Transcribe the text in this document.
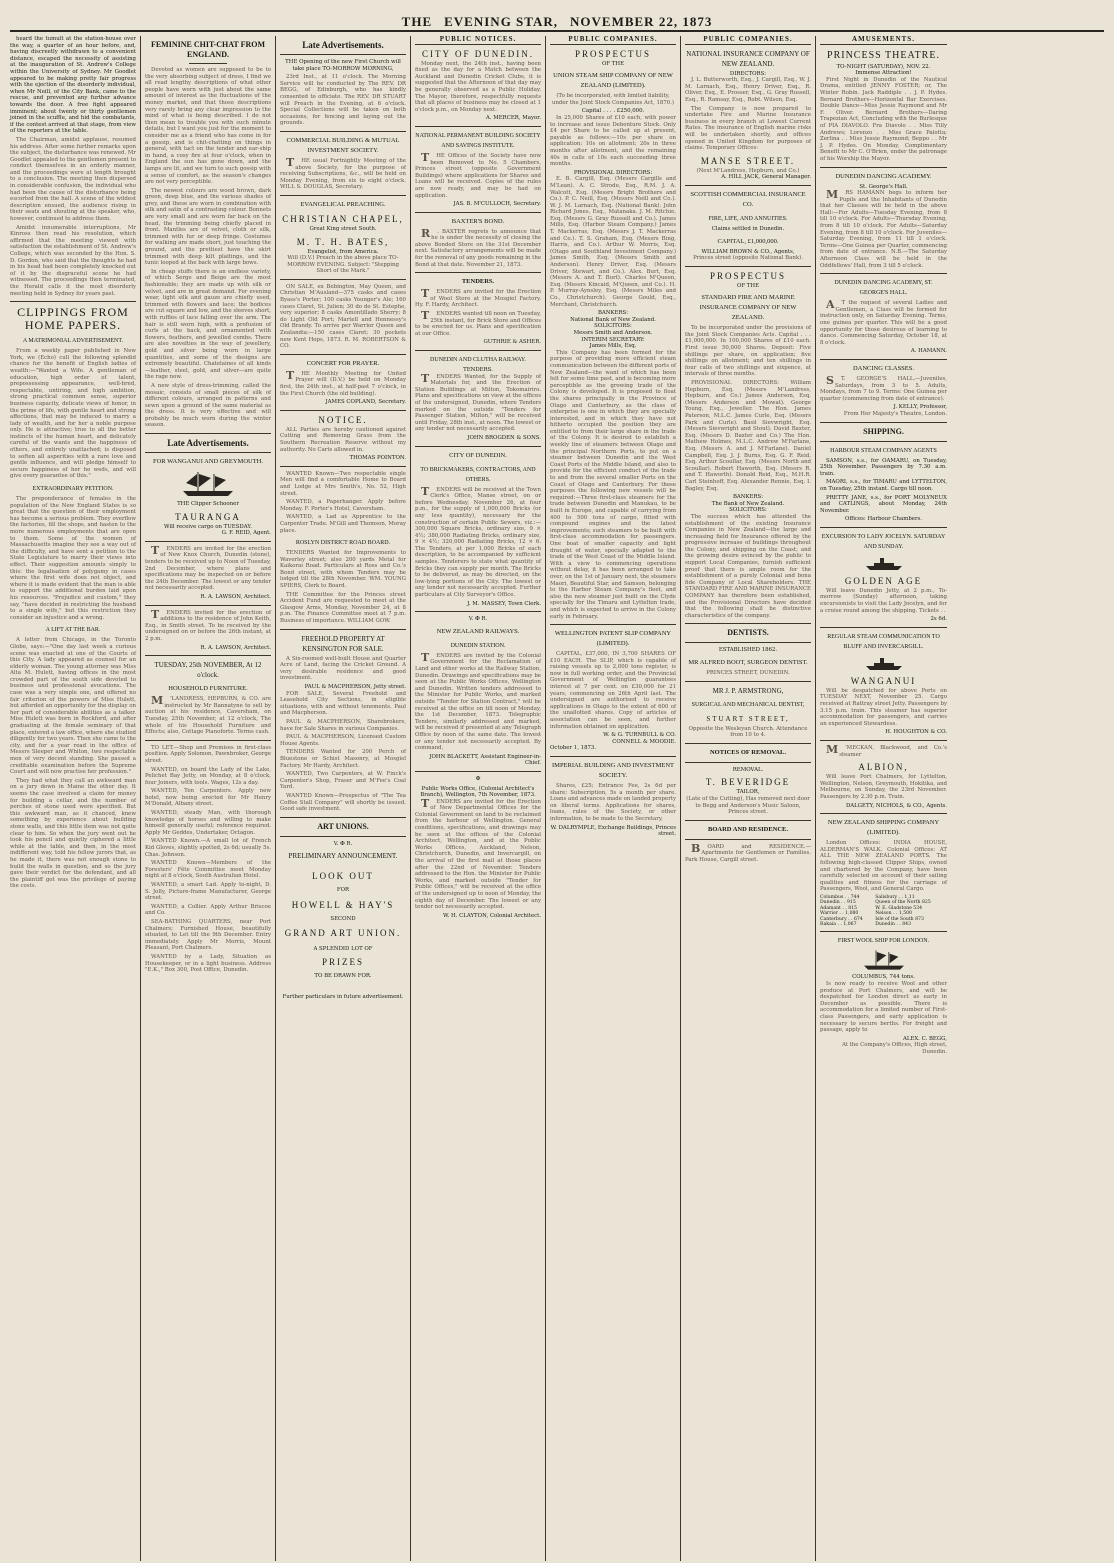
THE EVENING STAR, NOVEMBER 22, 1873

heard the tumult at the station-house over the way, a quarter of an hour before, and, having discreetly withdrawn to a convenient distance, escaped the necessity of assisting at the inauguration of St. Andrew's College within the University of Sydney. Mr Goodlet appeared to be making pretty fair progress with the ejection of the disorderly individual, when Mr Neill, of the City Bank, came to the rescue, and prevented any further advance towards the door. A free fight appeared imminent; about twenty or thirty gentlemen joined in the scuffle, and hid the combatants, if the contest arrived at that stage, from view of the reporters at the table.

The Chairman, amidst applause, resumed his address. After some further remarks upon the subject, the disturbance was renewed. Mr Goodlet appealed to the gentlemen present to conduct themselves in an orderly manner, and the proceedings were at length brought to a conclusion. The meeting then dispersed in considerable confusion, the individual who had been the cause of the disturbance being escorted from the hall. A scene of the wildest description ensued, the audience rising in their seats and shouting at the speaker, who, however, continued to address them.

Amidst innumerable interruptions, Mr Kinross then read his resolution, which affirmed that the meeting viewed with satisfaction the establishment of St. Andrew's College, which was seconded by the Hon. S. D. Gordon, who said that the thoughts he had in his head had been completely knocked out of it by the disgraceful scene he had witnessed. The proceedings then terminated, the Herald calls it the most disorderly meeting held in Sydney for years past.

CLIPPINGS FROM HOME PAPERS.
A MATRIMONIAL ADVERTISEMENT.

From a weekly paper published in New York, we (Echo) cull the following splendid chance for the benefit of English ladies of wealth:—"Wanted a Wife. A gentleman of education, high order of talent, prepossessing appearance, well-bred, respectable, untiring, and high ambition, strong practical common sense, superior business capacity, delicate views of honor, in the prime of life, with gentle heart and strong affections, that may be induced to marry a lady of wealth, and for her a noble purpose only. He is attractive; true to all the better instincts of the human heart, and delicately careful of the wants and the happiness of others, and entirely unattached; is disposed to soften all asperities with a rare love and gentle influence, and will pledge himself to secure happiness of her he weds, and will give every guarantee of this."

EXTRAORDINARY PETITION.

The preponderance of females in the population of the New England States is so great that the question of their employment has become a serious problem. They overflow the factories, fill the shops, and hasten to the more numerous employments that are open to them. Some of the women of Massachusetts imagine they see a way out of the difficulty, and have sent a petition to the State Legislature to marry their views into effect. Their suggestion amounts simply to this: the legalisation of polygamy in cases where the first wife does not object, and where it is made evident that the man is able to support the additional burden laid upon his resources. "Prejudice and custom," they say, "have decided in restricting the husband to a single wife," but this restriction they consider an injustice and a wrong.

A LIFT AT THE BAR.

A letter from Chicago, in the Toronto Globe, says:—"One day last week a curious scene was enacted at one of the Courts of this City. A lady appeared as counsel for an elderly woman. The young attorney was Miss Alta M. Hulett, having offices in the most crowded part of the south side devoted to business and professional avocations. The case was a very simple one, and offered no fair criterion of the powers of Miss Hulett, but afforded an opportunity for the display on her part of considerable abilities as a talker. Miss Hulett was born in Rockford, and after graduating at the female seminary of that place, entered a law office, where she studied diligently for two years. Then she came to the city, and for a year read in the office of Messrs Sleeper and Whiton, two respectable men of very decent standing. She passed a creditable examination before the Supreme Court and will now practise her profession."

They had what they call an awkward man on a jury down in Maine the other day. It seems the case involved a claim for money for building a cellar, and the number of perches of stone used were specified. But this awkward man, as it chanced, knew something by experience about building stone walls, and this little item was not quite clear to him. So when the jury went out he took his pencil and quietly ciphered a little while at the table, and then, in the most indifferent way, told his fellow jurors that, as he made it, there was not enough stone to build the walls in question, and so the jury gave their verdict for the defendant, and all the plaintiff got was the privilege of paying the costs.

FEMININE CHIT-CHAT FROM ENGLAND.

Devoted as women are supposed to be to the very absorbing subject of dress, I find we all read lengthy descriptions of what other people have worn with just about the same amount of interest as the fluctuations of the money market, and that those descriptions very rarely bring any clear impression to the mind of what is being described. I do not then mean to trouble you with such minute details, but I want you just for the moment to consider me as a friend who has come in for a gossip, and is chit-chatting on things in general, with tact on the tender and ear-ship in hand, a cosy fire at four o'clock, when in England the sun has gone down, and the lamps are lit, and we turn to such gossip with a sense of comfort, as the season's changes are not very perceptible.

The newest colours are wood brown, dark green, deep blue, and the various shades of grey, and these are worn in combination with silk and satin of a contrasting colour. Bonnets are very small and are worn far back on the head, the trimming being chiefly placed in front. Mantles are of velvet, cloth or silk, trimmed with fur or deep fringe. Costumes for walking are made short, just touching the ground, and the prettiest have the skirt trimmed with deep kilt plaitings, and the tunic looped at the back with large bows.

In cheap stuffs there is an endless variety, of which Serge and Beige are the most fashionable; they are made up with silk or velvet, and are in great demand. For evening wear, light silk and gauze are chiefly used, trimmed with flowers and lace; the bodices are cut square and low, and the sleeves short, with ruffles of lace falling over the arm. The hair is still worn high, with a profusion of curls at the back, and ornamented with flowers, feathers, and jewelled combs. There are also novelties in the way of jewellery, gold and silver being worn in large quantities, and some of the designs are extremely beautiful. Chatelaines of all kinds—leather, steel, gold, and silver—are quite the rage now.

A new style of dress-trimming, called the mosaic, consists of small pieces of silk of different colours, arranged in patterns and sewn upon a ground of the same material as the dress. It is very effective and will probably be much worn during the winter season.

Late Advertisements.
FOR WANGANUI AND GREYMOUTH.
THE Clipper Schooner
TAURANGA
Will receive cargo on TUESDAY.
G. F. REID, Agent.

T ENDERS are invited for the erection of New Knox Church, Dunedin (stone), tenders to be received up to Noon of Tuesday, 2nd December, where plans and specifications may be inspected on or before the 24th December. The lowest or any tender not necessarily accepted.

R. A. LAWSON, Architect.

T ENDERS invited for the erection of additions to the residence of John Keith, Esq., in Smith street. To be received by the undersigned on or before the 26th instant, at 2 p.m.

R. A. LAWSON, Architect.
TUESDAY, 25th NOVEMBER, At 12 o'clock.
HOUSEHOLD FURNITURE.

M 'LANDRESS, HEPBURN, & CO. are instructed by Mr Bannatyne to sell by auction at his residence, Caversham, on Tuesday, 25th November, at 12 o'clock, The whole of his Household Furniture and Effects; also, Cottage Pianoforte. Terms cash.

TO LET.—Shop and Premises in first-class position. Apply Solomon, Pawnbroker, George street.

WANTED, on board the Lady of the Lake, Pelichet Bay Jetty, on Monday, at 8 o'clock, four Joiners, with tools. Wages, 12s a day.

WANTED, Ten Carpenters. Apply new hotel, now being erected for Mr Henry M'Donald, Albany street.

WANTED, steady Man, with thorough knowledge of horses and willing to make himself generally useful; reference required. Apply Mr Geddes, Undertaker, Octagon.

WANTED Known.—A small lot of French Kid Gloves, slightly spotted, 2s 6d; usually 5s. Chas. Johnson.

WANTED Known—Members of the Foresters' Fête Committee meet Monday night at 8 o'clock, South Australian Hotel.

WANTED, a smart Lad. Apply to-night, D. S. Jolly, Picture-frame Manufacturer, George street.

WANTED, a Collier. Apply Arthur Briscoe and Co.

SEA-BATHING QUARTERS, near Port Chalmers; Furnished House, beautifully situated, to Let till the 9th December. Entry immediately. Apply Mr Morris, Mount Pleasant, Port Chalmers.

WANTED by a Lady, Situation as Housekeeper, or in a light business. Address "E.K.," Box 300, Post Office, Dunedin.

Late Advertisements.

THE Opening of the new First Church will take place TO-MORROW MORNING,

23rd Inst., at 11 o'clock. The Morning Service will be conducted by The REV. DR BEGG, of Edinburgh, who has kindly consented to officiate. The REV. DR STUART will Preach in the Evening, at 6 o'clock. Special Collections will be taken on both occasions, for fencing and laying out the grounds.

COMMERCIAL BUILDING & MUTUAL INVESTMENT SOCIETY.

T HE usual Fortnightly Meeting of the above Society, for the purpose of receiving Subscriptions, &c., will be held on Monday Evening, from six to eight o'clock. WILL S. DOUGLAS, Secretary.

EVANGELICAL PREACHING.
CHRISTIAN CHAPEL,
Great King street South.
M. T. H. BATES,
Evangelist, from America.

Will (D.V.) Preach in the above place TO-MORROW EVENING. Subject: "Stepping Short of the Mark."

ON SALE, ex Bebington, May Queen, and Christian M'Ausland—375 casks and cases Byass's Porter; 100 casks Younger's Ale; 160 cases Claret, St. Julien; 30 do do St. Estephe, very superior; 8 casks Amontillado Sherry; 8 do Light Old Port; Martell and Hennessy's Old Brandy. To arrive per Warrior Queen and Zealandia:—150 cases Claret; 30 pockets new Kent Hops, 1873. R. M. ROBERTSON & CO.

CONCERT FOR PRAYER.

T HE Monthly Meeting for United Prayer will (D.V.) be held on Monday first, the 24th inst., at half-past 7 o'clock, in the First Church (the old building).

JAMES COPLAND, Secretary.
NOTICE.

ALL Parties are hereby cautioned against Cutting and Removing Grass from the Southern Recreation Reserve without my authority. No Carts allowed in.

THOMAS POINTON.

WANTED Known—Two respectable single Men will find a comfortable Home to Board and Lodge at Mrs Smith's, No. 52, High street.

WANTED, a Paperhanger. Apply before Monday. F. Porter's Hotel, Caversham.

WANTED, a Lad as Apprentice to the Carpenter Trade. M'Gill and Thomson, Moray place.

ROSLYN DISTRICT ROAD BOARD.

TENDERS Wanted for Improvements to Waverley street; also 200 yards Metal for Kaikorai Road. Particulars at Ross and Co.'s Bond street, with whom Tenders may be lodged till the 28th November. WM. YOUNG SPIERS, Clerk to Board.

THE Committee for the Princes street Accident Fund are requested to meet at the Glasgow Arms, Monday, November 24, at 8 p.m. The Finance Committee meet at 7 p.m. Business of importance. WILLIAM GOW.

FREEHOLD PROPERTY AT KENSINGTON FOR SALE.

A Six-roomed well-built House and Quarter Acre of Land, facing the Cricket Ground. A very desirable residence and good investment.

PAUL & MACPHERSON, Jetty street.

FOR SALE, Several Freehold and Leasehold City Sections, in eligible situations, with and without tenements. Paul and Macpherson.

PAUL & MACPHERSON, Sharebrokers, have for Sale Shares in various Companies.

PAUL & MACPHERSON, Licensed Custom House Agents.

TENDERS Wanted for 200 Perch of Bluestone or Schist Masonry, at Mosgiel Factory. Mr Hardy, Architect.

WANTED, Two Carpenters, at W. Finck's Carpenter's Shop, Fraser and M'Fee's Coal Yard.

WANTED Known—Prospectus of "The Tea Coffee Stall Company" will shortly be issued. Good safe investment.

ART UNIONS.
V. ✠ R.
PRELIMINARY ANNOUNCEMENT.
LOOK OUT
FOR
HOWELL & HAY'S
SECOND
GRAND ART UNION.
A SPLENDID LOT OF
PRIZES
TO BE DRAWN FOR.
Further particulars in future advertisement.
PUBLIC NOTICES.
CITY OF DUNEDIN.

Monday next, the 24th inst., having been fixed as the day for a Match between the Auckland and Dunedin Cricket Clubs, it is suggested that the Afternoon of that day may be generally observed as a Public Holiday. The Mayor, therefore, respectfully requests that all places of business may be closed at 1 o'clock p.m., on Monday next.

A. MERCER, Mayor.
NATIONAL PERMANENT BUILDING SOCIETY AND SAVINGS INSTITUTE.

T HE Offices of the Society have now been Removed to No. 5 Chambers, Princes street (opposite Government Buildings) where applications for Shares and Loans will be received. Copies of the rules are now ready, and may be had on application.

JAS. B. M'CULLOCH, Secretary.
BAXTER'S BOND.

R . BAXTER regrets to announce that he is under the necessity of closing the above Bonded Store on the 31st December next. Satisfactory arrangements will be made for the removal of any goods remaining in the Bond at that date. November 21, 1873.

TENDERS.

T ENDERS are invited for the Erection of Wool Store at the Mosgiel Factory. Hy. F. Hardy, Architect.

T ENDERS wanted till noon on Tuesday, 25th instant, for Brick Store and Offices to be erected for us. Plans and specification at our Office.

GUTHRIE & ASHER.
DUNEDIN AND CLUTHA RAILWAY.
TENDERS.

T ENDERS Wanted, for the Supply of Materials for, and the Erection of Station Buildings at Milton, Tokomairiro. Plans and specifications on view at the offices of the undersigned, Dunedin, where Tenders marked on the outside "Tenders for Passenger Station, Milton," will be received until Friday, 28th inst., at noon. The lowest or any tender not necessarily accepted.

JOHN BROGDEN & SONS.
CITY OF DUNEDIN.
TO BRICKMAKERS, CONTRACTORS, AND OTHERS.

T ENDERS will be received at the Town Clerk's Office, Manse street, on or before Wednesday, November 26, at four p.m., for the supply of 1,000,000 Bricks (or any less quantity), necessary for the construction of certain Public Sewers, viz.:—300,000 Square Bricks, ordinary size, 9 × 4½; 380,000 Radiating Bricks, ordinary size, 9 × 4½; 320,000 Radiating Bricks, 12 × 6. The Tenders, at per 1,000 Bricks of each description, to be accompanied by sufficient samples. Tenderers to state what quantity of Bricks they can supply per month. The Bricks to be delivered, as may be directed, on the low-lying portions of the City. The lowest or any tender not necessarily accepted. Further particulars at City Surveyor's Office.

J. M. MASSEY, Town Clerk.
V. ✠ R.
NEW ZEALAND RAILWAYS.
DUNEDIN STATION.

T ENDERS are invited by the Colonial Government for the Reclamation of Land and other works at the Railway Station, Dunedin. Drawings and specifications may be seen at the Public Works Offices, Wellington and Dunedin. Written tenders addressed to the Minister for Public Works, and marked outside "Tender for Station Contract," will be received at the office on till noon of Monday, the 1st December, 1873. Telegraphic Tenders, similarly addressed and marked, will be received if presented at any Telegraph Office by noon of the same date. The lowest or any tender not necessarily accepted. By command,

JOHN BLACKETT, Assistant Engineer-in-Chief.
✠
Public Works Office, (Colonial Architect's Branch), Wellington, 7th November, 1873.

T ENDERS are invited for the Erection of New Departmental Offices for the Colonial Government on land to be reclaimed from the harbour of Wellington. General conditions, specifications, and drawings may be seen at the offices of the Colonial Architect, Wellington, and at the Public Works Offices, Auckland, Nelson, Christchurch, Dunedin, and Invercargill, on the arrival of the first mail at those places after the 22nd of November. Tenders addressed to the Hon. the Minister for Public Works, and marked outside "Tender for Public Offices," will be received at the office of the undersigned up to noon of Monday, the eighth day of December. The lowest or any tender not necessarily accepted.

W. H. CLAYTON, Colonial Architect.
PUBLIC COMPANIES.
PROSPECTUS
OF THE
UNION STEAM SHIP COMPANY OF NEW ZEALAND (LIMITED).

(To be incorporated, with limited liability, under the Joint Stock Companies Act, 1870.)

Capital . . . . £250,000.

In 25,000 Shares of £10 each, with power to increase and issue Debenture Stock. Only £4 per Share to be called up at present, payable as follows:—10s per share on application; 10s on allotment; 20s in three months after allotment, and the remaining 40s in calls of 10s each succeeding three months.

PROVISIONAL DIRECTORS:

E. B. Cargill, Esq. (Messrs Cargills and M'Lean). A. C. Strode, Esq., R.M. J. A. Walcott, Esq. (Messrs Bright Brothers and Co.). P. C. Neill, Esq. (Messrs Neill and Co.). W. J. M. Larnach, Esq. (National Bank). John Richard Jones, Esq., Matanaka. J. M. Ritchie, Esq. (Messrs G. Gray Russell and Co.). James Mills, Esq. (Harbor Steam Company.) James T. Mackerras, Esq. (Messrs J. T. Mackerras and Co.). T. S. Graham, Esq. (Messrs Bing, Harris, and Co.). Arthur W. Morris, Esq. (Otago and Southland Investment Company.) James Smith, Esq. (Messrs Smith and Anderson). Henry Driver, Esq. (Messrs Driver, Stewart, and Co.). Alex. Burt, Esq. (Messrs A. and T. Burt). Charles M'Queen, Esq. (Messrs Kincaid, M'Queen, and Co.). H. P. Murray-Aynsley, Esq. (Messrs Miles and Co., Christchurch). George Gould, Esq., Merchant, Christchurch.

BANKERS:
National Bank of New Zealand.
SOLICITORS:
Messrs Smith and Anderson.
INTERIM SECRETARY:
James Mills, Esq.

This Company has been formed for the purpose of providing more efficient steam communication between the different ports of New Zealand—the want of which has been felt for some time past, and is becoming more perceptible as the growing trade of the Colony is developed. It is proposed to float the shares principally in the Province of Otago and Canterbury, as the class of enterprise is one in which they are specially interested, and in which they have not hitherto occupied the position they are entitled to from their large share in the trade of the Colony. It is desired to establish a weekly line of steamers between Otago and the principal Northern Ports, to put on a steamer between Dunedin and the West Coast Ports of the Middle Island, and also to provide for the efficient conduct of the trade to and from the several smaller Ports on the Coast of Otago and Canterbury. For these purposes the following new vessels will be required:—Three first-class steamers for the trade between Dunedin and Manukau, to be built in Europe, and capable of carrying from 400 to 500 tons of cargo, fitted with compound engines and the latest improvements; such steamers to be built with first-class accommodation for passengers. One boat of smaller capacity and light draught of water, specially adapted to the trade of the West Coast of the Middle Island. With a view to commencing operations without delay, it has been arranged to take over, on the 1st of January next, the steamers Maori, Beautiful Star, and Samson, belonging to the Harbor Steam Company's fleet, and also the new steamer just built on the Clyde specially for the Timaru and Lyttelton trade, and which is expected to arrive in the Colony early in February.

WELLINGTON PATENT SLIP COMPANY (LIMITED).

CAPITAL, £37,000, IN 3,700 SHARES OF £10 EACH. The SLIP, which is capable of raising vessels up to 2,000 tons register, is now in full working order, and the Provincial Government of Wellington guarantees interest at 7 per cent. on £30,000 for 21 years, commencing on 26th April last. The undersigned are authorised to receive applications in Otago to the extent of 600 of the unallotted shares. Copy of articles of association can be seen, and further information obtained on application.

W. & G. TURNBULL & CO.
CONNELL & MOODIE.
October 1, 1873.
IMPERIAL BUILDING AND INVESTMENT SOCIETY.

Shares, £25; Entrance Fee, 2s 6d per share; Subscription, 5s a month per share. Loans and advances made on landed property on liberal terms. Applications for shares, loans, rules of the Society, or other information, to be made to the Secretary,

W. DALRYMPLE, Exchange Buildings, Princes street.
PUBLIC COMPANIES.
NATIONAL INSURANCE COMPANY OF NEW ZEALAND.
DIRECTORS:

J. L. Butterworth, Esq., J. Cargill, Esq., W. J. M. Larnach, Esq., Henry Driver, Esq., R. Oliver, Esq., E. Prosser, Esq., G. Gray Russell, Esq., R. Ramsay, Esq., Robt. Wilson, Esq.

The Company is now prepared to undertake Fire and Marine Insurance business in every branch at Lowest Current Rates. The insurance of English marine risks will be undertaken shortly, and offices opened in United Kingdom for purposes of claims. Temporary Offices:

MANSE STREET.
(Next M'Landress, Hepburn, and Co.)
A. HILL JACK, General Manager.
SCOTTISH COMMERCIAL INSURANCE CO.
FIRE, LIFE, AND ANNUITIES.
Claims settled in Dunedin.
CAPITAL, £1,000,000.
WILLIAM BROWN & CO., Agents,
Princes street (opposite National Bank).
PROSPECTUS
OF THE
STANDARD FIRE AND MARINE INSURANCE COMPANY OF NEW ZEALAND.

To be incorporated under the provisions of the Joint Stock Companies Acts. Capital . . . £1,000,000. In 100,000 Shares of £10 each. First issue 50,000 Shares. Deposit: Five shillings per share, on application; five shillings on allotment; and ten shillings in four calls of two shillings and sixpence, at intervals of three months.

PROVISIONAL DIRECTORS: William Hepburn, Esq. (Messrs M'Landress, Hepburn, and Co.) James Anderson, Esq. (Messrs Anderson and Mowat). George Young, Esq., Jeweller. The Hon. James Paterson, M.L.C. James Curle, Esq. (Messrs Park and Curle). Basil Sievwright, Esq. (Messrs Sievwright and Stout). David Baxter, Esq. (Messrs D. Baxter and Co.) The Hon. Mathew Holmes, M.L.C. Andrew M'Farlane, Esq. (Messrs A. and J. M'Farlane). Daniel Campbell, Esq. J. J. Burns, Esq. G. F. Reid, Esq. Arthur Scoullar, Esq. (Messrs North and Scoullar). Robert Haworth, Esq. (Messrs R. and T. Haworth). Donald Reid, Esq., M.H.R. Carl Steinhoff, Esq. Alexander Rennie, Esq. I. Bagley, Esq.

BANKERS:
The Bank of New Zealand.
SOLICITORS:

The success which has attended the establishment of the existing Insurance Companies in New Zealand—the large and increasing field for Insurance offered by the progressive increase of buildings throughout the Colony, and shipping on the Coast; and the growing desire evinced by the public to support Local Companies, furnish sufficient proof that there is ample room for the establishment of a purely Colonial and bona fide Company of Local Shareholders. THE STANDARD FIRE AND MARINE INSURANCE COMPANY has therefore been established, and the Provisional Directors have decided that the following shall be distinctive characteristics of the company.

DENTISTS.
ESTABLISHED 1862.
MR ALFRED BOOT, SURGEON DENTIST.
PRINCES STREET, DUNEDIN.
MR J. P. ARMSTRONG,
SURGICAL AND MECHANICAL DENTIST,
STUART STREET,
Opposite the Wesleyan Church. Attendance from 10 to 4.
NOTICES OF REMOVAL.
REMOVAL.
T. BEVERIDGE
TAILOR,

(Late of the Cutting), Has removed next door to Begg and Anderson's Music Saloon, Princes street.

BOARD AND RESIDENCE.

B OARD and RESIDENCE.—Apartments for Gentlemen or Families. Park House, Cargill street.

AMUSEMENTS.
PRINCESS THEATRE.
TO-NIGHT (SATURDAY), NOV. 22.
Immense Attraction!

First Night in Dunedin of the Nautical Drama, entitled JENNY FOSTER; or, The Winter Robin. Jack Raddiple . . J. P. Hydes. Bernard Brothers—Horizontal Bar Exercises. Double Dance—Miss Jessie Raymond and Mr F. Oliver. Bernard Brothers—Daring Trapezian Act, Concluding with the Burlesque of PIA DIAVOLO. Fra Diavolo . . Miss Tilly Andrews; Lorenzo . . Miss Grace Palotta; Zerlina . . Miss Jessie Raymond; Beppo . . Mr J. P. Hydes. On Monday, Complimentary Benefit to Mr C. O'Brien, under the patronage of his Worship the Mayor.

DUNEDIN DANCING ACADEMY.
St. George's Hall.

M RS HAMANN begs to inform her Pupils and the Inhabitants of Dunedin that her Classes will be held in the above Hall:—For Adults—Tuesday Evening, from 8 till 10 o'clock. For Adults—Thursday Evening, from 8 till 10 o'clock. For Adults—Saturday Evening, from 8 till 10 o'clock. For Juveniles—Saturday Evening, from 11 till 1 o'clock. Terms—One Guinea per Quarter, commencing from date of entrance. N.B.—The Saturday Afternoon Class will be held in the Oddfellows' Hall, from 3 till 5 o'clock.

DUNEDIN DANCING ACADEMY, ST. GEORGE'S HALL.

A T the request of several Ladies and Gentlemen, a Class will be formed for instruction only, on Saturday Evening. Terms, one guinea per quarter. This will be a good opportunity for those desirous of learning to dance. Commencing Saturday, October 18, at 8 o'clock.

A. HAMANN.
DANCING CLASSES.

S T. GEORGE'S HALL.—Juveniles, Saturdays, from 3 to 5. Adults, Mondays, from 7 to 9. Terms: One Guinea per quarter (commencing from date of entrance).

J. KELLY, Professor,
From Her Majesty's Theatre, London.
SHIPPING.
HARBOUR STEAM COMPANY AGENTS

SAMSON, s.s., for OAMARU, on Tuesday, 25th November. Passengers by 7.30 a.m. train.

MAORI, s.s., for TIMARU and LYTTELTON, on Tuesday, 25th instant. Cargo till noon.

PRETTY JANE, s.s., for PORT MOLYNEUX and CATLINGS, about Monday, 24th November.

Offices: Harbour Chambers.
EXCURSION TO LADY JOCELYN. SATURDAY AND SUNDAY.
GOLDEN AGE

Will leave Dunedin Jetty, at 2 p.m., To-morrow (Sunday) afternoon, taking excursionists to visit the Lady Jocelyn, and for a cruise round among the shipping. Tickets . .

2s 6d.
REGULAR STEAM COMMUNICATION TO BLUFF AND INVERCARGILL.
WANGANUI

Will be despatched for above Ports on TUESDAY NEXT, November 25. Cargo received at Rattray street Jetty. Passengers by 3.15 p.m. train. This steamer has superior accommodation for passengers, and carries an experienced Stewardess.

H. HOUGHTON & CO.

M 'MECKAN, Blackwood, and Co.'s steamer

ALBION,

Will leave Port Chalmers, for Lyttelton, Wellington, Nelson, Greymouth, Hokitika, and Melbourne, on Sunday, the 23rd November. Passengers by 2.30 p.m. Train.

DALGETY, NICHOLS, & CO., Agents.
NEW ZEALAND SHIPPING COMPANY (LIMITED).

London Offices: INDIA HOUSE, ALDERMAN'S WALK. Colonial Offices: AT ALL THE NEW ZEALAND PORTS. The following high-classed Clipper Ships, owned and chartered by the Company, have been carefully selected on account of their sailing qualities and fitness for the carriage of Passengers, Wool, and General Cargo.

Columbus . . 744	Salisbury . . 1,11
Dunedin . . 915	Queen of the North 825
Adamant . . 815	W. E. Gladstone 534
Warrior . . 1,080	Nelson . . 1,500
Canterbury . . 674	Isle of the South 873
Rakaia . . 1,067	Dunedin . . 843
FIRST WOOL SHIP FOR LONDON.
COLUMBUS, 744 tons.

Is now ready to receive Wool and other produce at Port Chalmers, and will be despatched for London direct as early in December as possible. There is accommodation for a limited number of First-class Passengers, and early application is necessary to secure berths. For freight and passage, apply to

ALEX. C. BEGG,
At the Company's Offices, High street, Dunedin.
